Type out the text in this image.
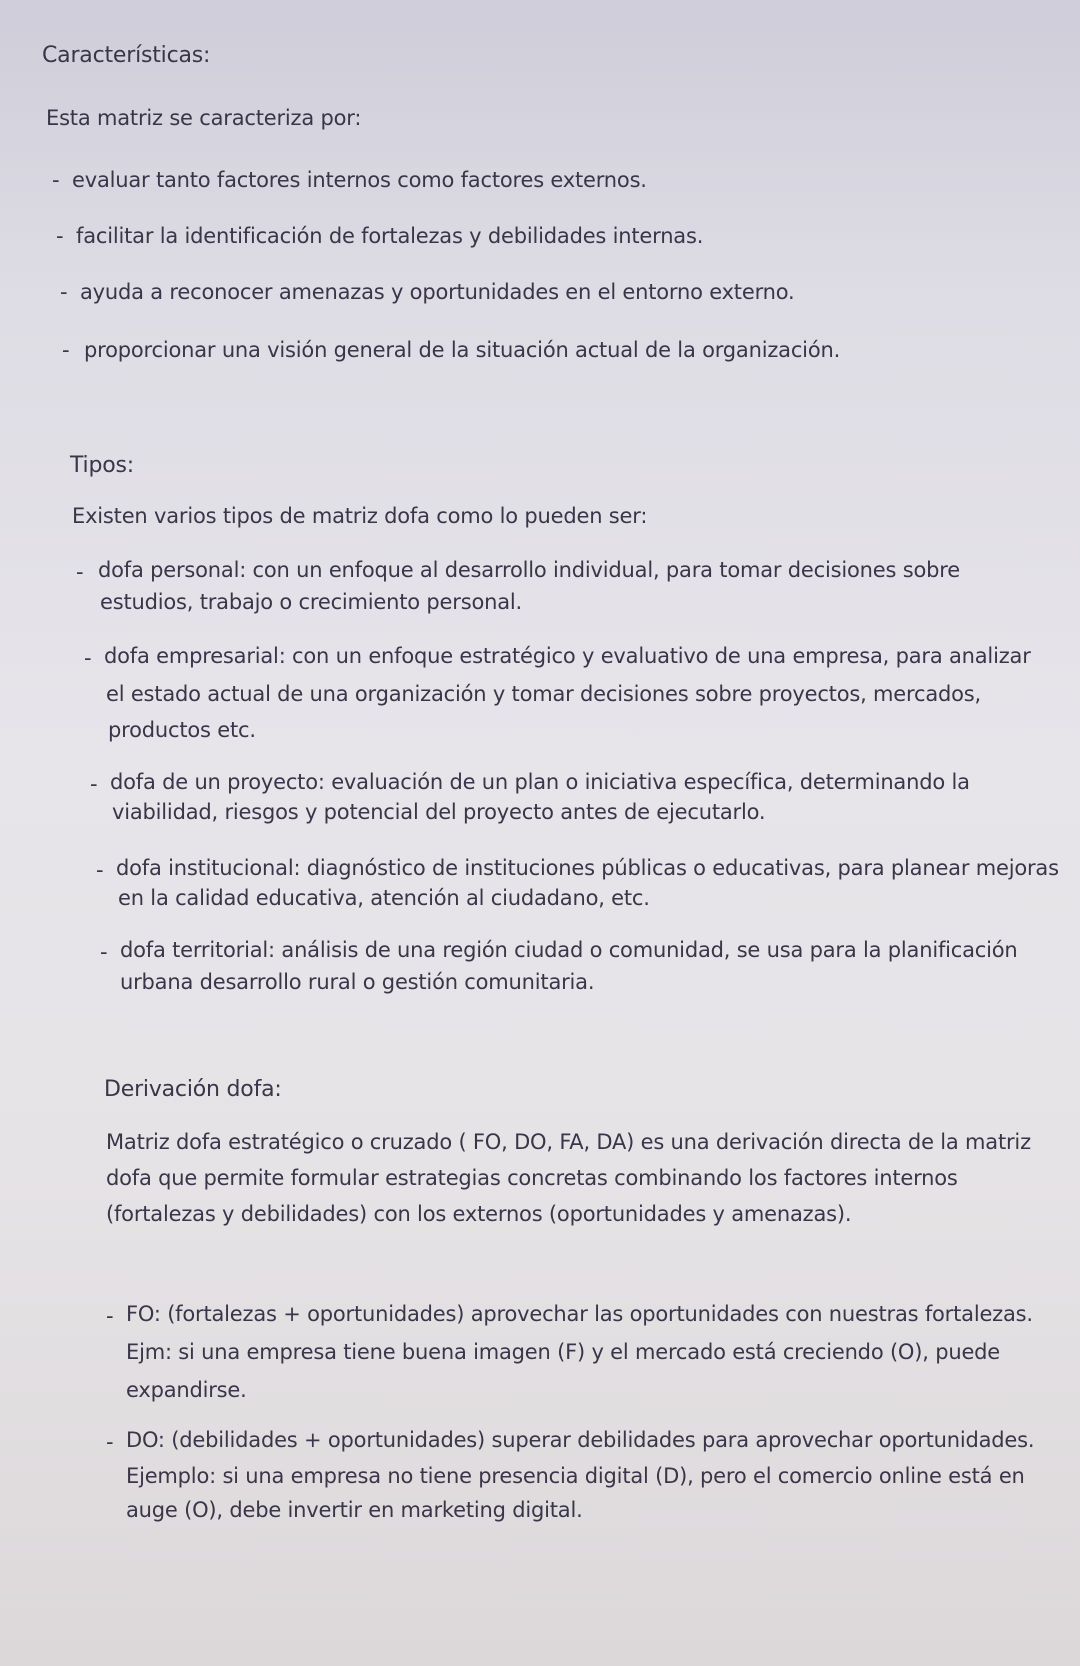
Características:
Esta matriz se caracteriza por:
- evaluar tanto factores internos como factores externos.
- facilitar la identificación de fortalezas y debilidades internas.
- ayuda a reconocer amenazas y oportunidades en el entorno externo.
- proporcionar una visión general de la situación actual de la organización.
Tipos:
Existen varios tipos de matriz dofa como lo pueden ser:
- dofa personal: con un enfoque al desarrollo individual, para tomar decisiones sobre
estudios, trabajo o crecimiento personal.
- dofa empresarial: con un enfoque estratégico y evaluativo de una empresa, para analizar
el estado actual de una organización y tomar decisiones sobre proyectos, mercados,
productos etc.
- dofa de un proyecto: evaluación de un plan o iniciativa específica, determinando la
viabilidad, riesgos y potencial del proyecto antes de ejecutarlo.
- dofa institucional: diagnóstico de instituciones públicas o educativas, para planear mejoras
en la calidad educativa, atención al ciudadano, etc.
- dofa territorial: análisis de una región ciudad o comunidad, se usa para la planificación
urbana desarrollo rural o gestión comunitaria.
Derivación dofa:
Matriz dofa estratégico o cruzado ( FO, DO, FA, DA) es una derivación directa de la matriz
dofa que permite formular estrategias concretas combinando los factores internos
(fortalezas y debilidades) con los externos (oportunidades y amenazas).
- FO: (fortalezas + oportunidades) aprovechar las oportunidades con nuestras fortalezas.
Ejm: si una empresa tiene buena imagen (F) y el mercado está creciendo (O), puede
expandirse.
- DO: (debilidades + oportunidades) superar debilidades para aprovechar oportunidades.
Ejemplo: si una empresa no tiene presencia digital (D), pero el comercio online está en
auge (O), debe invertir en marketing digital.
